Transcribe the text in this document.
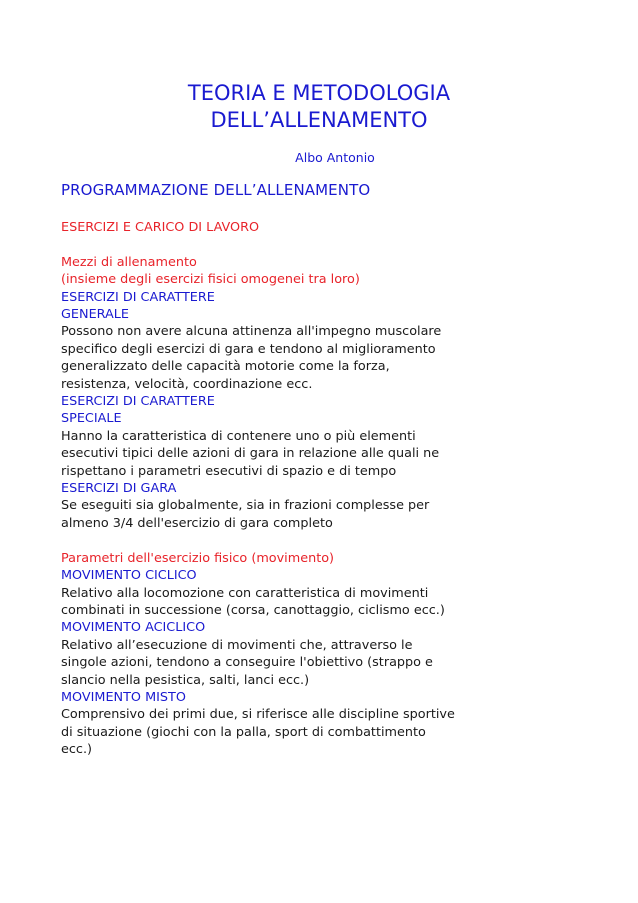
TEORIA E METODOLOGIA
DELL’ALLENAMENTO
Albo Antonio
PROGRAMMAZIONE DELL’ALLENAMENTO
ESERCIZI E CARICO DI LAVORO
Mezzi di allenamento
(insieme degli esercizi fisici omogenei tra loro)
ESERCIZI DI CARATTERE
GENERALE
Possono non avere alcuna attinenza all'impegno muscolare
specifico degli esercizi di gara e tendono al miglioramento
generalizzato delle capacità motorie come la forza,
resistenza, velocità, coordinazione ecc.
ESERCIZI DI CARATTERE
SPECIALE
Hanno la caratteristica di contenere uno o più elementi
esecutivi tipici delle azioni di gara in relazione alle quali ne
rispettano i parametri esecutivi di spazio e di tempo
ESERCIZI DI GARA
Se eseguiti sia globalmente, sia in frazioni complesse per
almeno 3/4 dell'esercizio di gara completo
Parametri dell'esercizio fisico (movimento)
MOVIMENTO CICLICO
Relativo alla locomozione con caratteristica di movimenti
combinati in successione (corsa, canottaggio, ciclismo ecc.)
MOVIMENTO ACICLICO
Relativo all’esecuzione di movimenti che, attraverso le
singole azioni, tendono a conseguire l'obiettivo (strappo e
slancio nella pesistica, salti, lanci ecc.)
MOVIMENTO MISTO
Comprensivo dei primi due, si riferisce alle discipline sportive
di situazione (giochi con la palla, sport di combattimento
ecc.)
